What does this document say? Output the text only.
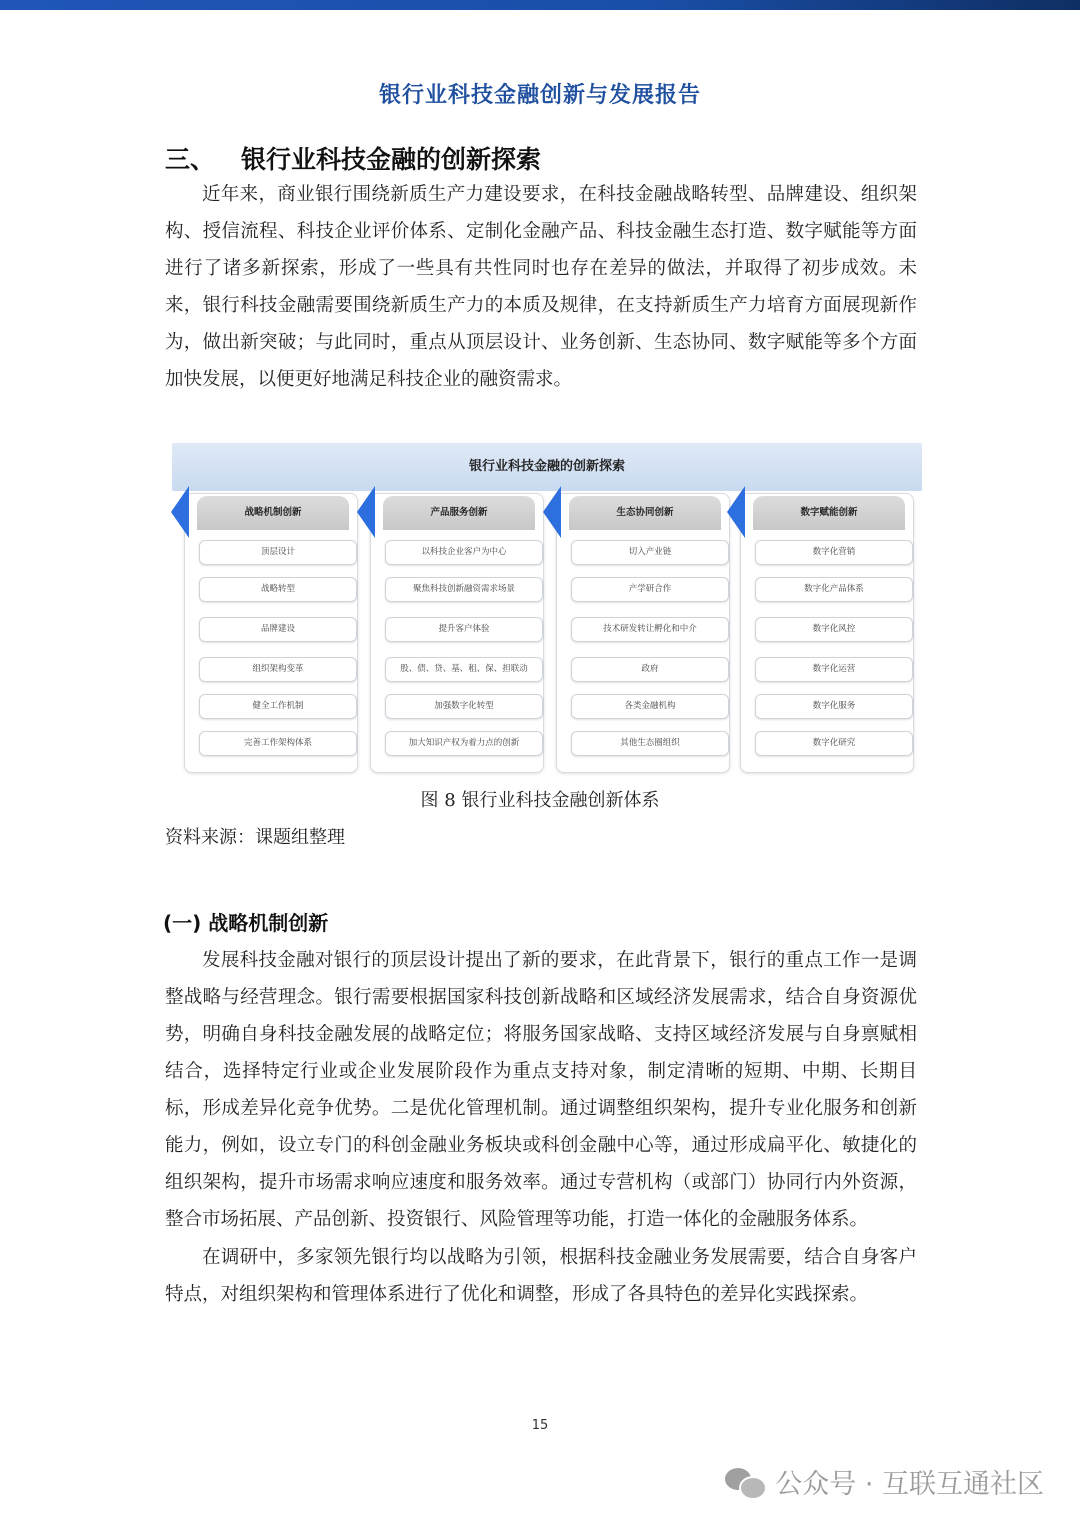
银行业科技金融创新与发展报告
三、 银行业科技金融的创新探索

近年来，商业银行围绕新质生产力建设要求，在科技金融战略转型、品牌建设、组织架构、授信流程、科技企业评价体系、定制化金融产品、科技金融生态打造、数字赋能等方面进行了诸多新探索，形成了一些具有共性同时也存在差异的做法，并取得了初步成效。未来，银行科技金融需要围绕新质生产力的本质及规律，在支持新质生产力培育方面展现新作为，做出新突破；与此同时，重点从顶层设计、业务创新、生态协同、数字赋能等多个方面加快发展，以便更好地满足科技企业的融资需求。

银行业科技金融的创新探索
战略机制创新
顶层设计
战略转型
品牌建设
组织架构变革
健全工作机制
完善工作架构体系
产品服务创新
以科技企业客户为中心
聚焦科技创新融资需求场景
提升客户体验
股、债、贷、基、租、保、担联动
加强数字化转型
加大知识产权为着力点的创新
生态协同创新
切入产业链
产学研合作
技术研发转让孵化和中介
政府
各类金融机构
其他生态圈组织
数字赋能创新
数字化营销
数字化产品体系
数字化风控
数字化运营
数字化服务
数字化研究
图 8 银行业科技金融创新体系
资料来源：课题组整理
(一) 战略机制创新

发展科技金融对银行的顶层设计提出了新的要求，在此背景下，银行的重点工作一是调整战略与经营理念。银行需要根据国家科技创新战略和区域经济发展需求，结合自身资源优势，明确自身科技金融发展的战略定位；将服务国家战略、支持区域经济发展与自身禀赋相结合，选择特定行业或企业发展阶段作为重点支持对象，制定清晰的短期、中期、长期目标，形成差异化竞争优势。二是优化管理机制。通过调整组织架构，提升专业化服务和创新能力，例如，设立专门的科创金融业务板块或科创金融中心等，通过形成扁平化、敏捷化的组织架构，提升市场需求响应速度和服务效率。通过专营机构（或部门）协同行内外资源，整合市场拓展、产品创新、投资银行、风险管理等功能，打造一体化的金融服务体系。

在调研中，多家领先银行均以战略为引领，根据科技金融业务发展需要，结合自身客户特点，对组织架构和管理体系进行了优化和调整，形成了各具特色的差异化实践探索。

15
公众号 · 互联互通社区
